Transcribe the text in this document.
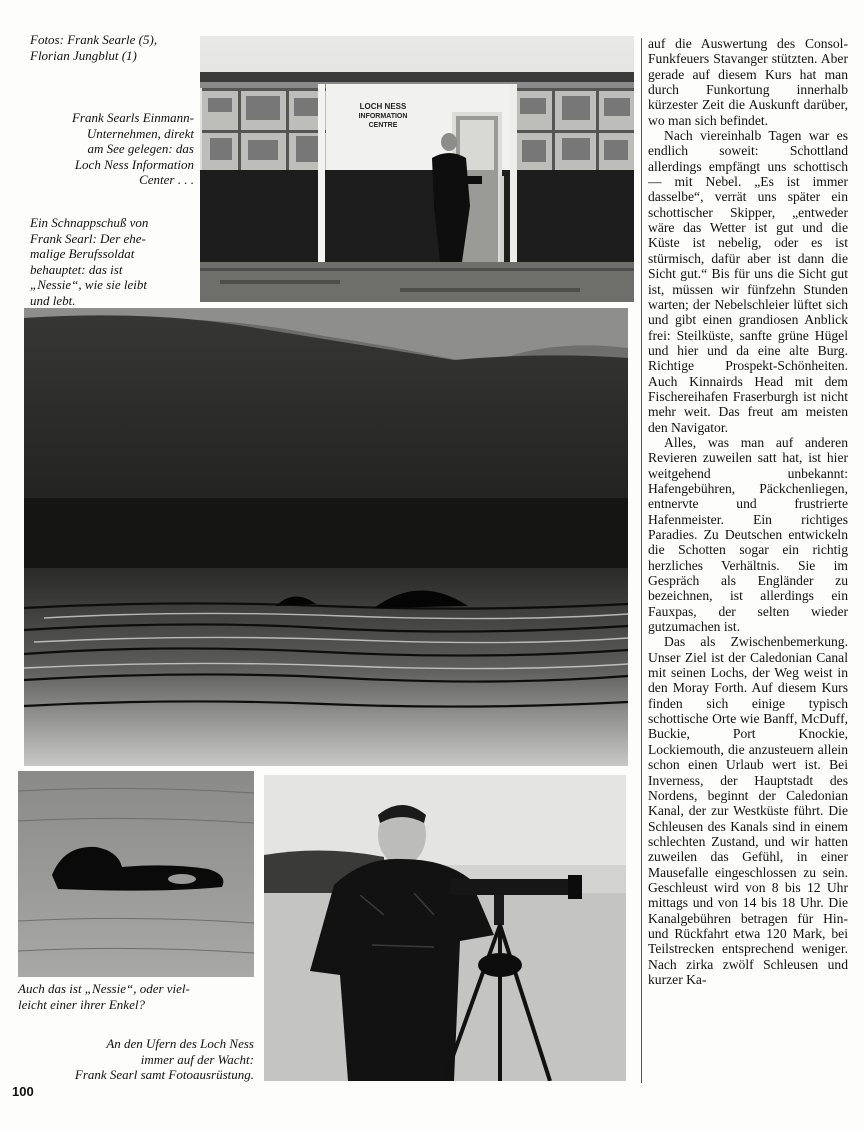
Fotos: Frank Searle (5),
Florian Jungblut (1)
Frank Searls Einmann-
Unternehmen, direkt
am See gelegen: das
Loch Ness Information
Center . . .
Ein Schnappschuß von
Frank Searl: Der ehe-
malige Berufssoldat
behauptet: das ist
„Nessie“, wie sie leibt
und lebt.
Auch das ist „Nessie“, oder viel-
leicht einer ihrer Enkel?
An den Ufern des Loch Ness
immer auf der Wacht:
Frank Searl samt Fotoausrüstung.
LOCH NESS
INFORMATION
CENTRE

auf die Auswertung des Consol-Funkfeuers Stavanger stützten. Aber gerade auf diesem Kurs hat man durch Funkortung innerhalb kürzester Zeit die Auskunft darüber, wo man sich befindet.

Nach viereinhalb Tagen war es endlich soweit: Schottland allerdings empfängt uns schottisch — mit Nebel. „Es ist immer dasselbe“, verrät uns später ein schottischer Skipper, „entweder wäre das Wetter ist gut und die Küste ist nebelig, oder es ist stürmisch, dafür aber ist dann die Sicht gut.“ Bis für uns die Sicht gut ist, müssen wir fünfzehn Stunden warten; der Nebelschleier lüftet sich und gibt einen grandiosen Anblick frei: Steilküste, sanfte grüne Hügel und hier und da eine alte Burg. Richtige Prospekt-Schönheiten. Auch Kinnairds Head mit dem Fischereihafen Fraserburgh ist nicht mehr weit. Das freut am meisten den Navigator.

Alles, was man auf anderen Revieren zuweilen satt hat, ist hier weitgehend unbekannt: Hafengebühren, Päckchenliegen, entnervte und frustrierte Hafenmeister. Ein richtiges Paradies. Zu Deutschen entwickeln die Schotten sogar ein richtig herzliches Verhältnis. Sie im Gespräch als Engländer zu bezeichnen, ist allerdings ein Fauxpas, der selten wieder gutzumachen ist.

Das als Zwischenbemerkung. Unser Ziel ist der Caledonian Canal mit seinen Lochs, der Weg weist in den Moray Forth. Auf diesem Kurs finden sich einige typisch schottische Orte wie Banff, McDuff, Buckie, Port Knockie, Lockiemouth, die anzusteuern allein schon einen Urlaub wert ist. Bei Inverness, der Hauptstadt des Nordens, beginnt der Caledonian Kanal, der zur Westküste führt. Die Schleusen des Kanals sind in einem schlechten Zustand, und wir hatten zuweilen das Gefühl, in einer Mausefalle eingeschlossen zu sein. Geschleust wird von 8 bis 12 Uhr mittags und von 14 bis 18 Uhr. Die Kanalgebühren betragen für Hin- und Rückfahrt etwa 120 Mark, bei Teilstrecken entsprechend weniger. Nach zirka zwölf Schleusen und kurzer Ka-

100
